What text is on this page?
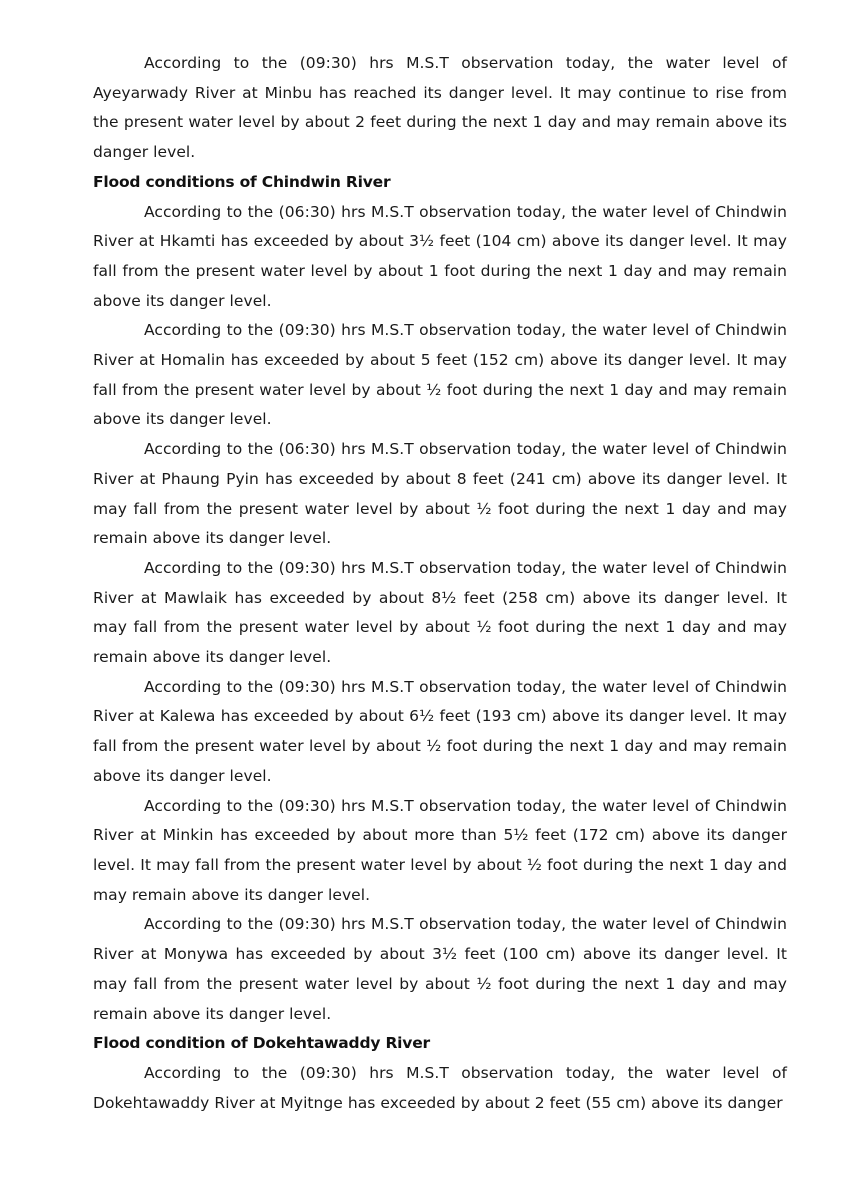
According to the (09:30) hrs M.S.T observation today, the water level of Ayeyarwady River at Minbu has reached its danger level. It may continue to rise from the present water level by about 2 feet during the next 1 day and may remain above its danger level.

Flood conditions of Chindwin River

According to the (06:30) hrs M.S.T observation today, the water level of Chindwin River at Hkamti has exceeded by about 3½ feet (104 cm) above its danger level. It may fall from the present water level by about 1 foot during the next 1 day and may remain above its danger level.

According to the (09:30) hrs M.S.T observation today, the water level of Chindwin River at Homalin has exceeded by about 5 feet (152 cm) above its danger level. It may fall from the present water level by about ½ foot during the next 1 day and may remain above its danger level.

According to the (06:30) hrs M.S.T observation today, the water level of Chindwin River at Phaung Pyin has exceeded by about 8 feet (241 cm) above its danger level. It may fall from the present water level by about ½ foot during the next 1 day and may remain above its danger level.

According to the (09:30) hrs M.S.T observation today, the water level of Chindwin River at Mawlaik has exceeded by about 8½ feet (258 cm) above its danger level. It may fall from the present water level by about ½ foot during the next 1 day and may remain above its danger level.

According to the (09:30) hrs M.S.T observation today, the water level of Chindwin River at Kalewa has exceeded by about 6½ feet (193 cm) above its danger level. It may fall from the present water level by about ½ foot during the next 1 day and may remain above its danger level.

According to the (09:30) hrs M.S.T observation today, the water level of Chindwin River at Minkin has exceeded by about more than 5½ feet (172 cm) above its danger level. It may fall from the present water level by about ½ foot during the next 1 day and may remain above its danger level.

According to the (09:30) hrs M.S.T observation today, the water level of Chindwin River at Monywa has exceeded by about 3½ feet (100 cm) above its danger level. It may fall from the present water level by about ½ foot during the next 1 day and may remain above its danger level.

Flood condition of Dokehtawaddy River

According to the (09:30) hrs M.S.T observation today, the water level of Dokehtawaddy River at Myitnge has exceeded by about 2 feet (55 cm) above its danger
